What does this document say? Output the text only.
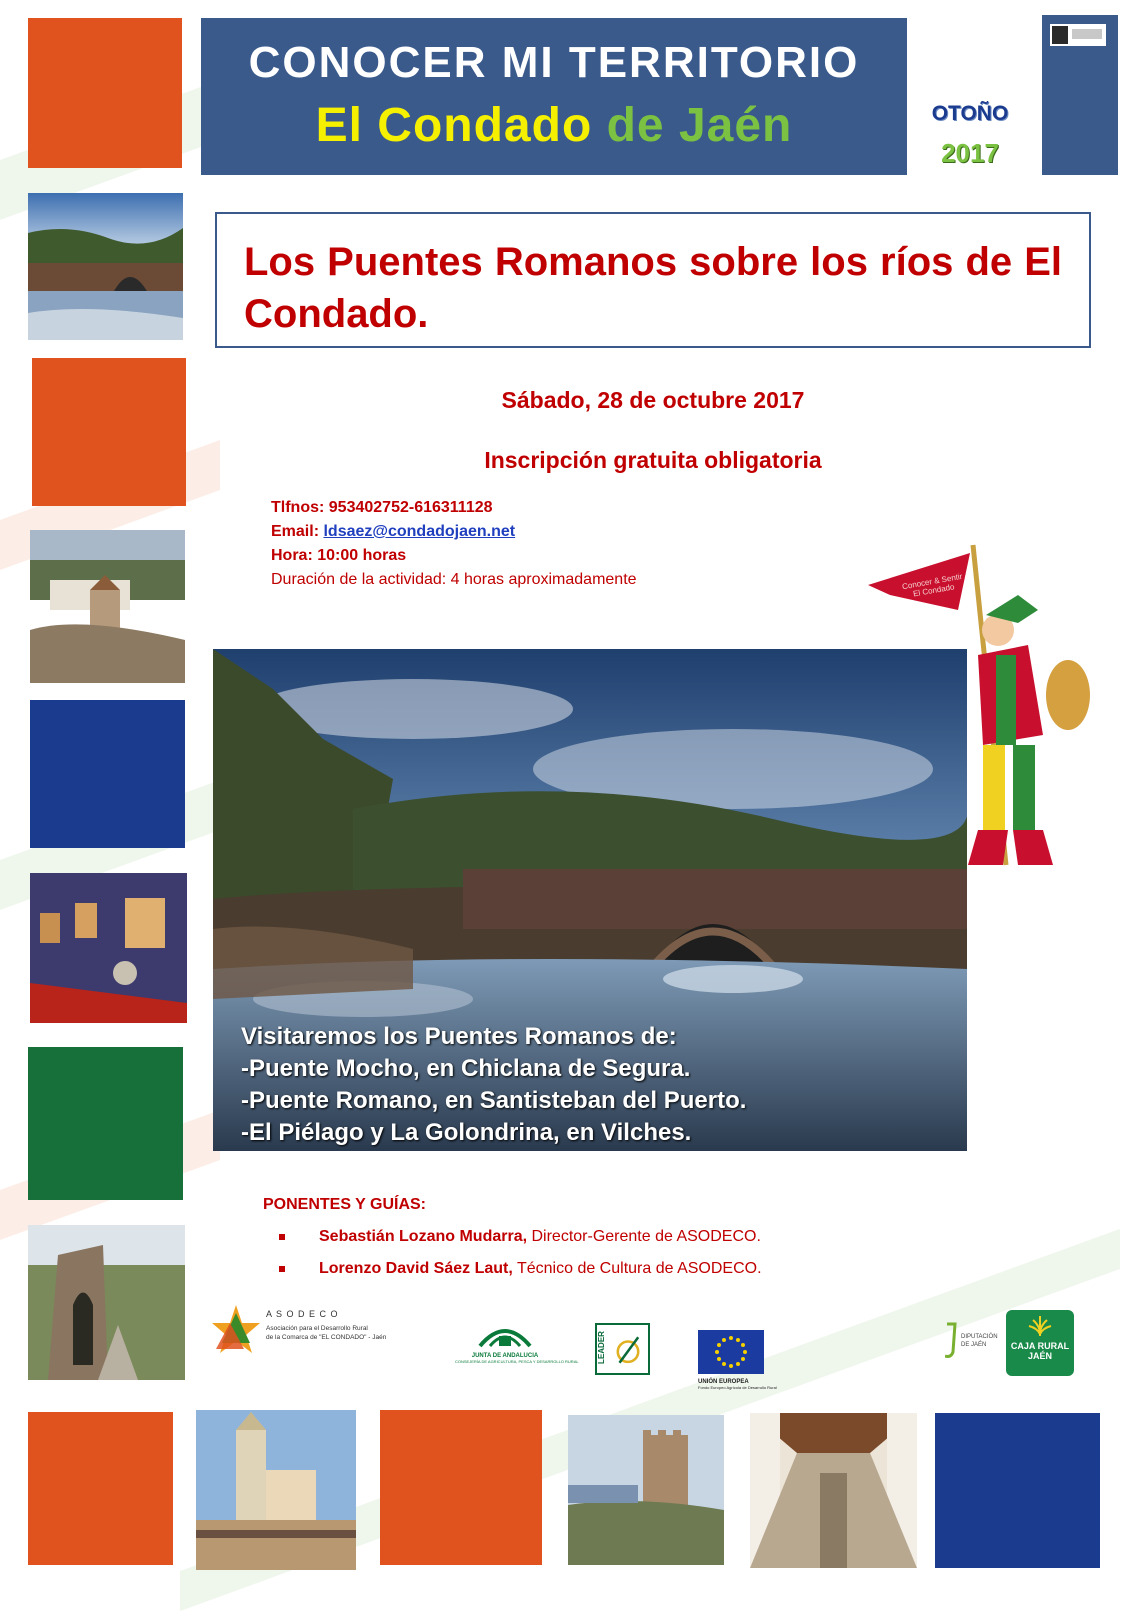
CONOCER MI TERRITORIO
El Condado de Jaén	OTOÑO
2017
Los Puentes Romanos sobre los ríos de El Condado.
Sábado, 28 de octubre 2017
Inscripción gratuita obligatoria
Tlfnos: 953402752-616311128
Email: ldsaez@condadojaen.net
Hora: 10:00 horas
Duración de la actividad: 4 horas aproximadamente	Conocer & Sentir El Condado
Visitaremos los Puentes Romanos de:
-Puente Mocho, en Chiclana de Segura.
-Puente Romano, en Santisteban del Puerto.
-El Piélago y La Golondrina, en Vilches.
PONENTES Y GUÍAS:
Sebastián Lozano Mudarra, Director-Gerente de ASODECO.
Lorenzo David Sáez Laut, Técnico de Cultura de ASODECO.
A S O D E C O
Asociación para el Desarrollo Rural
de la Comarca de "EL CONDADO" - Jaén
JUNTA DE ANDALUCIA
CONSEJERÍA DE AGRICULTURA, PESCA Y DESARROLLO RURAL LEADER
UNIÓN EUROPEA
Fondo Europeo Agrícola de Desarrollo Rural
DIPUTACIÓN
DE JAÉN	CAJA RURAL
JAÉN
